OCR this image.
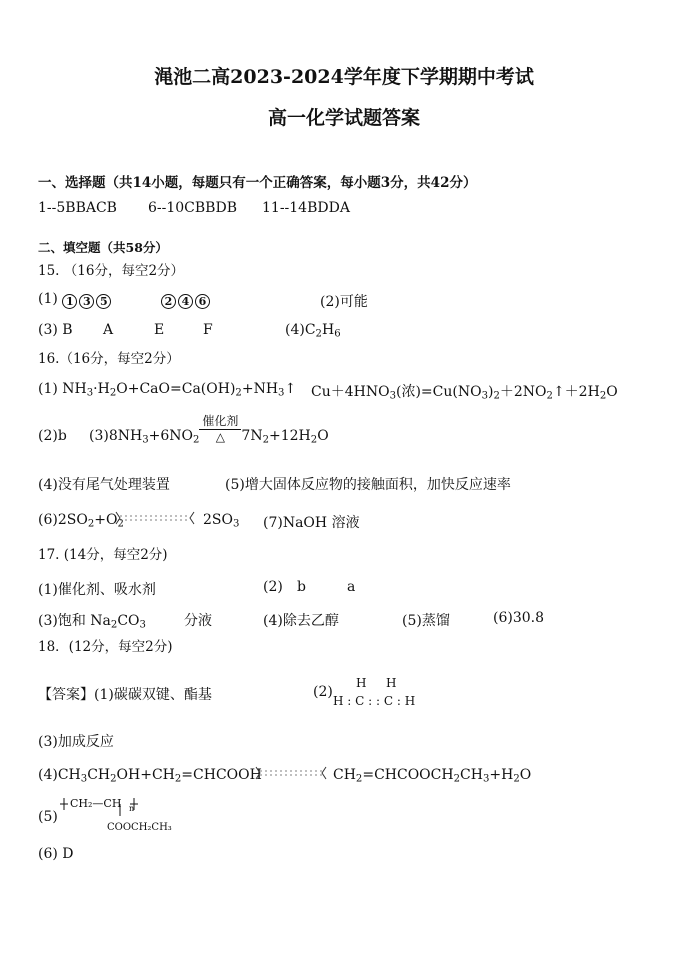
渑池二高2023-2024学年度下学期期中考试
高一化学试题答案
一、选择题（共14小题，每题只有一个正确答案，每小题3分，共42分）
1--5BBACB 6--10CBBDB 11--14BDDA
二、填空题（共58分）
15. （16分，每空2分）
(1) 1 3 5	2 4 6	(2)可能
(3) B A	E	F	$(4)C_2H_6$
16.（16分，每空2分）
(1) $NH_3\cdot H_2O+CaO=Ca(OH)_2+NH_3↑$ $Cu+4HNO_3$(浓)$=Cu(NO_3)_2+2NO_2↑+2H_2O$
(2)b $(3)8NH_3+6NO_2$
催化剂
△	$7N_2+12H_2O$
(4)没有尾气处理装置	(5)增大固体反应物的接触面积，加快反应速率
$(6)2SO_2+O_2$	$2SO_3$ (7)NaOH 溶液
17. (14分，每空2分)
(1)催化剂、吸水剂	(2) b	a
(3)饱和 $Na_2CO_3$	分液	(4)除去乙醇	(5)蒸馏	(6)30.8
18．(12分，每空2分)
【答案】(1)碳碳双键、酯基	(2)
H H
H : C : : C : H
(3)加成反应
$(4)CH_3CH_2OH+CH_2=CHCOOH$	$CH_2=CHCOOCH_2CH_3+H_2O$
(5)
CH₂—CH n
COOCH₂CH₃
(6) D
